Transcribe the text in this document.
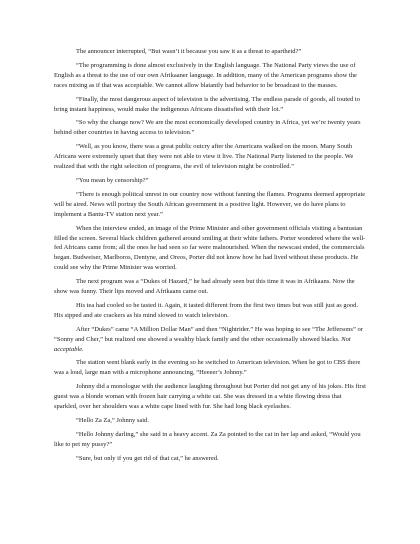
The announcer interrupted, “But wasn’t it because you saw it as a threat to apartheid?”

“The programming is done almost exclusively in the English language. The National Party views the use of English as a threat to the use of our own Afrikaaner language. In addition, many of the American programs show the races mixing as if that was acceptable. We cannot allow blatantly bad behavior to be broadcast to the masses.

“Finally, the most dangerous aspect of television is the advertising. The endless parade of goods, all touted to bring instant happiness, would make the indigenous Africans dissatisfied with their lot.”

“So why the change now? We are the most economically developed country in Africa, yet we’re twenty years behind other countries in having access to television.”

“Well, as you know, there was a great public outcry after the Americans walked on the moon. Many South Africans were extremely upset that they were not able to view it live. The National Party listened to the people. We realized that with the right selection of programs, the evil of television might be controlled.”

“You mean by censorship?”

“There is enough political unrest in our country now without fanning the flames. Programs deemed appropriate will be aired. News will portray the South African government in a positive light. However, we do have plans to implement a Bantu-TV station next year.”

When the interview ended, an image of the Prime Minister and other government officials visiting a bantustan filled the screen. Several black children gathered around smiling at their white fathers. Porter wondered where the well-fed Africans came from; all the ones he had seen so far were malnourished. When the newscast ended, the commercials began. Budweiser, Marlboros, Dentyne, and Oreos, Porter did not know how he had lived without these products. He could see why the Prime Minister was worried.

The next program was a “Dukes of Hazard,” he had already seen but this time it was in Afrikaans. Now the show was funny. Their lips moved and Afrikaans came out.

His tea had cooled so he tasted it. Again, it tasted different from the first two times but was still just as good. His sipped and ate crackers as his mind slowed to watch television.

After “Dukes” came “A Million Dollar Man” and then “Nightrider.” He was hoping to see “The Jeffersons” or “Sonny and Cher,” but realized one showed a wealthy black family and the other occasionally showed blacks. Not acceptable.

The station went blank early in the evening so he switched to American television. When he got to CBS there was a loud, large man with a microphone announcing, “Heeeer’s Johnny.”

Johnny did a monologue with the audience laughing throughout but Porter did not get any of his jokes. His first guest was a blonde woman with frozen hair carrying a white cat. She was dressed in a white flowing dress that sparkled, over her shoulders was a white cape lined with fur. She had long black eyelashes.

“Hello Za Za,” Johnny said.

“Hello Johnny darling,” she said in a heavy accent. Za Za pointed to the cat in her lap and asked, “Would you like to pet my pussy?”

“Sure, but only if you get rid of that cat,” he answered.
